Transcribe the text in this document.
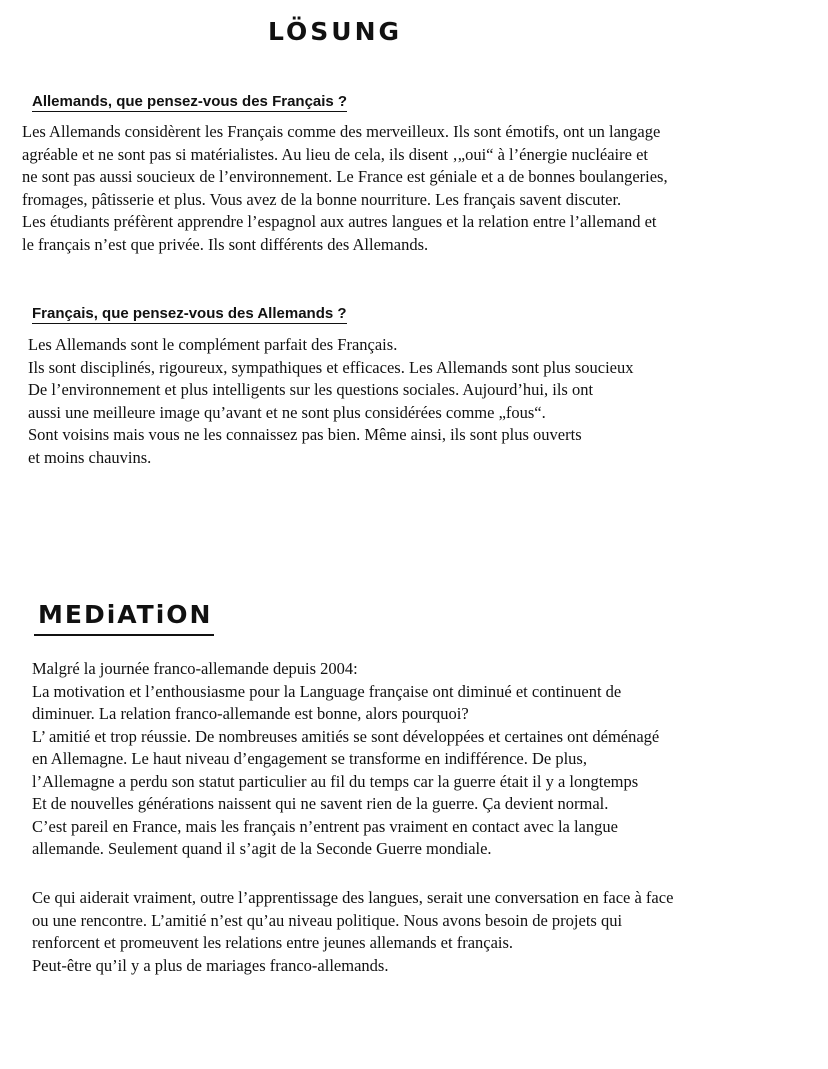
LÖSUNG
Allemands, que pensez-vous des Français ?
Les Allemands considèrent les Français comme des merveilleux. Ils sont émotifs, ont un langage
agréable et ne sont pas si matérialistes. Au lieu de cela, ils disent ‚„oui“ à l’énergie nucléaire et
ne sont pas aussi soucieux de l’environnement. Le France est géniale et a de bonnes boulangeries,
fromages, pâtisserie et plus. Vous avez de la bonne nourriture. Les français savent discuter.
Les étudiants préfèrent apprendre l’espagnol aux autres langues et la relation entre l’allemand et
le français n’est que privée. Ils sont différents des Allemands.
Français, que pensez-vous des Allemands ?
Les Allemands sont le complément parfait des Français.
Ils sont disciplinés, rigoureux, sympathiques et efficaces. Les Allemands sont plus soucieux
De l’environnement et plus intelligents sur les questions sociales. Aujourd’hui, ils ont
aussi une meilleure image qu’avant et ne sont plus considérées comme „fous“.
Sont voisins mais vous ne les connaissez pas bien. Même ainsi, ils sont plus ouverts
et moins chauvins.
MEDiATiON
Malgré la journée franco-allemande depuis 2004:
La motivation et l’enthousiasme pour la Language française ont diminué et continuent de
diminuer. La relation franco-allemande est bonne, alors pourquoi?
L’ amitié et trop réussie. De nombreuses amitiés se sont développées et certaines ont déménagé
en Allemagne. Le haut niveau d’engagement se transforme en indifférence. De plus,
l’Allemagne a perdu son statut particulier au fil du temps car la guerre était il y a longtemps
Et de nouvelles générations naissent qui ne savent rien de la guerre. Ça devient normal.
C’est pareil en France, mais les français n’entrent pas vraiment en contact avec la langue
allemande. Seulement quand il s’agit de la Seconde Guerre mondiale.
Ce qui aiderait vraiment, outre l’apprentissage des langues, serait une conversation en face à face
ou une rencontre. L’amitié n’est qu’au niveau politique. Nous avons besoin de projets qui
renforcent et promeuvent les relations entre jeunes allemands et français.
Peut-être qu’il y a plus de mariages franco-allemands.
